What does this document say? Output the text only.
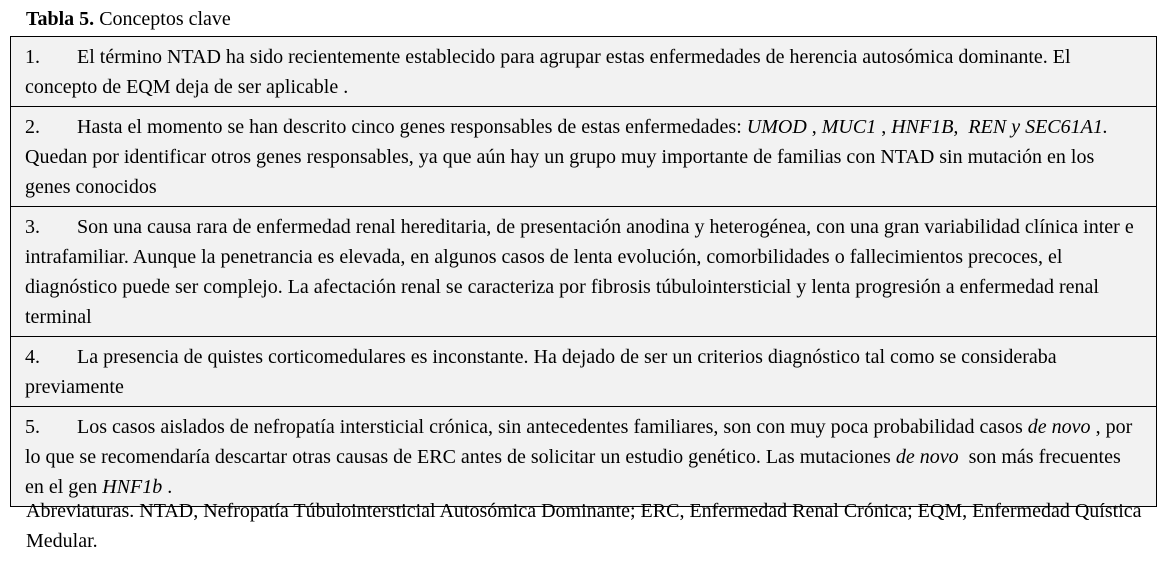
Tabla 5. Conceptos clave
1. El término NTAD ha sido recientemente establecido para agrupar estas enfermedades de herencia autosómica dominante. El concepto de EQM deja de ser aplicable .
2. Hasta el momento se han descrito cinco genes responsables de estas enfermedades: UMOD , MUC1 , HNF1B,  REN y SEC61A1.  Quedan por identificar otros genes responsables, ya que aún hay un grupo muy importante de familias con NTAD sin mutación en los genes conocidos
3. Son una causa rara de enfermedad renal hereditaria, de presentación anodina y heterogénea, con una gran variabilidad clínica inter e intrafamiliar. Aunque la penetrancia es elevada, en algunos casos de lenta evolución, comorbilidades o fallecimientos precoces, el diagnóstico puede ser complejo. La afectación renal se caracteriza por fibrosis túbulointersticial y lenta progresión a enfermedad renal terminal
4. La presencia de quistes corticomedulares es inconstante. Ha dejado de ser un criterios diagnóstico tal como se consideraba previamente
5. Los casos aislados de nefropatía intersticial crónica, sin antecedentes familiares, son con muy poca probabilidad casos de novo , por lo que se recomendaría descartar otras causas de ERC antes de solicitar un estudio genético. Las mutaciones de novo  son más frecuentes en el gen HNF1b .
Abreviaturas. NTAD, Nefropatía Túbulointersticial Autosómica Dominante; ERC, Enfermedad Renal Crónica; EQM, Enfermedad Quística Medular.
